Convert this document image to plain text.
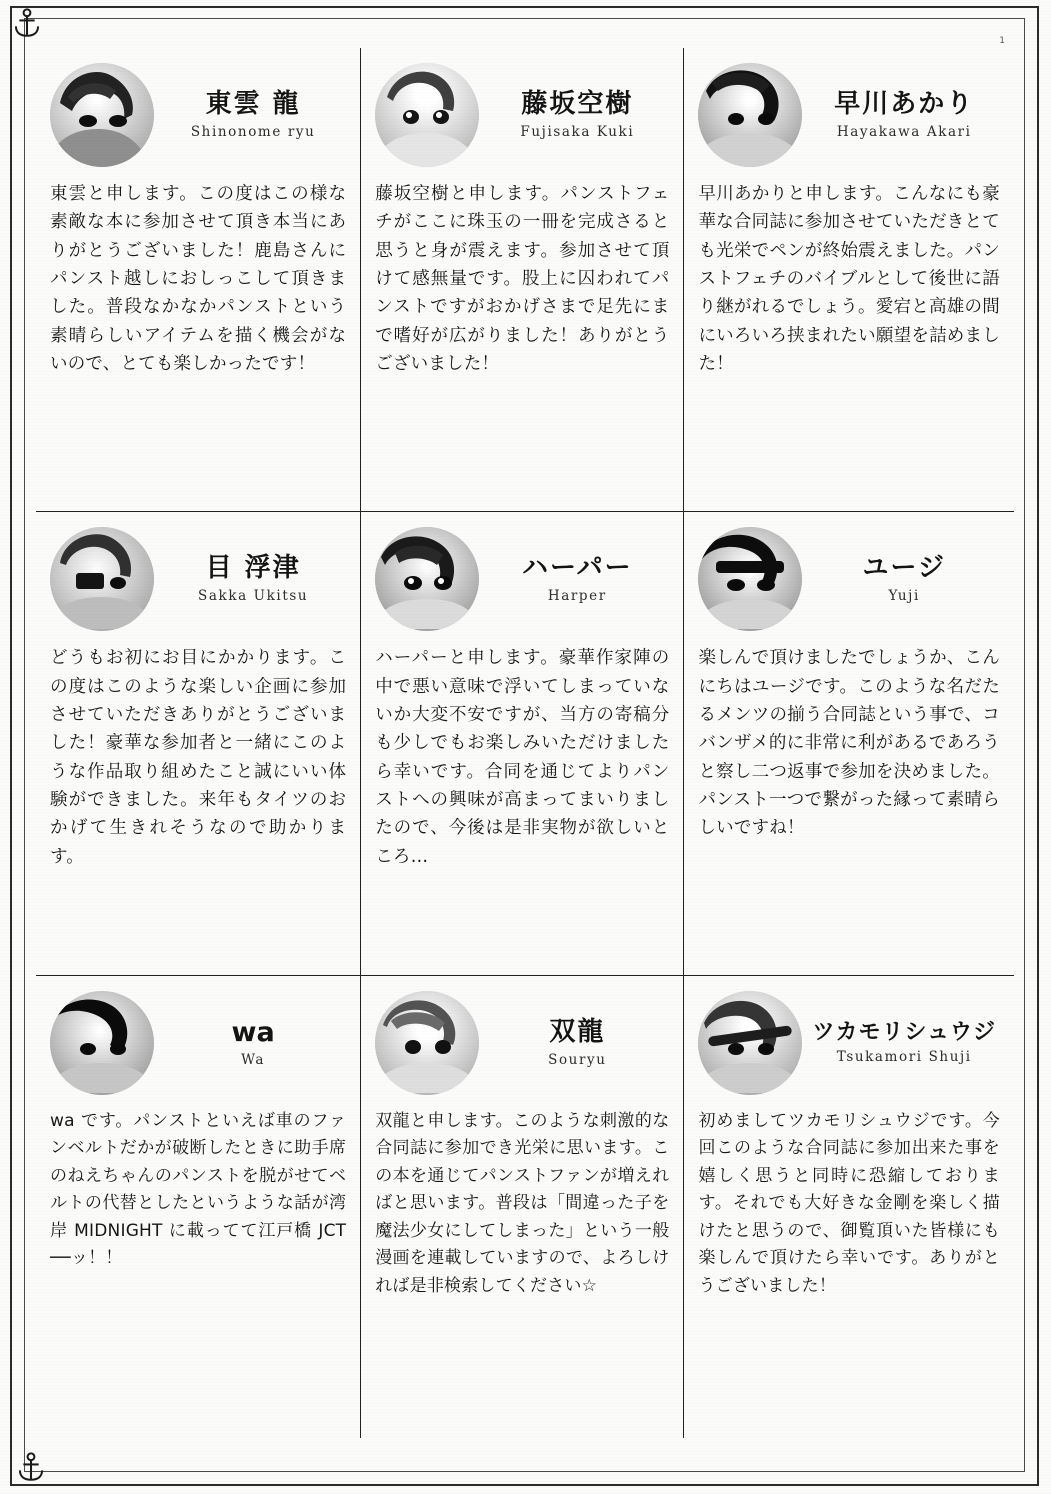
1
東雲 龍
Shinonome ryu
東雲と申します。この度はこの様な素敵な本に参加させて頂き本当にありがとうございました！鹿島さんにパンスト越しにおしっこして頂きました。普段なかなかパンストという素晴らしいアイテムを描く機会がないので、とても楽しかったです！
藤坂空樹
Fujisaka Kuki
藤坂空樹と申します。パンストフェチがここに珠玉の一冊を完成さると思うと身が震えます。参加させて頂けて感無量です。股上に囚われてパンストですがおかげさまで足先にまで嗜好が広がりました！ありがとうございました！
早川あかり
Hayakawa Akari
早川あかりと申します。こんなにも豪華な合同誌に参加させていただきとても光栄でペンが終始震えました。パンストフェチのバイブルとして後世に語り継がれるでしょう。愛宕と高雄の間にいろいろ挟まれたい願望を詰めました！
目 浮津
Sakka Ukitsu
どうもお初にお目にかかります。この度はこのような楽しい企画に参加させていただきありがとうございました！豪華な参加者と一緒にこのような作品取り組めたこと誠にいい体験ができました。来年もタイツのおかげて生きれそうなので助かります。
ハーパー
Harper
ハーパーと申します。豪華作家陣の中で悪い意味で浮いてしまっていないか大変不安ですが、当方の寄稿分も少しでもお楽しみいただけましたら幸いです。合同を通じてよりパンストへの興味が高まってまいりましたので、今後は是非実物が欲しいところ…
ユージ
Yuji
楽しんで頂けましたでしょうか、こんにちはユージです。このような名だたるメンツの揃う合同誌という事で、コバンザメ的に非常に利があるであろうと察し二つ返事で参加を決めました。パンスト一つで繋がった縁って素晴らしいですね！
wa
Wa
wa です。パンストといえば車のファンベルトだかが破断したときに助手席のねえちゃんのパンストを脱がせてベルトの代替としたというような話が湾岸 MIDNIGHT に載ってて江戸橋 JCT ──ッ！！
双龍
Souryu
双龍と申します。このような刺激的な合同誌に参加でき光栄に思います。この本を通じてパンストファンが増えればと思います。普段は「間違った子を魔法少女にしてしまった」という一般漫画を連載していますので、よろしければ是非検索してください☆
ツカモリシュウジ
Tsukamori Shuji
初めましてツカモリシュウジです。今回このような合同誌に参加出来た事を嬉しく思うと同時に恐縮しております。それでも大好きな金剛を楽しく描けたと思うので、御覧頂いた皆様にも楽しんで頂けたら幸いです。ありがとうございました！
